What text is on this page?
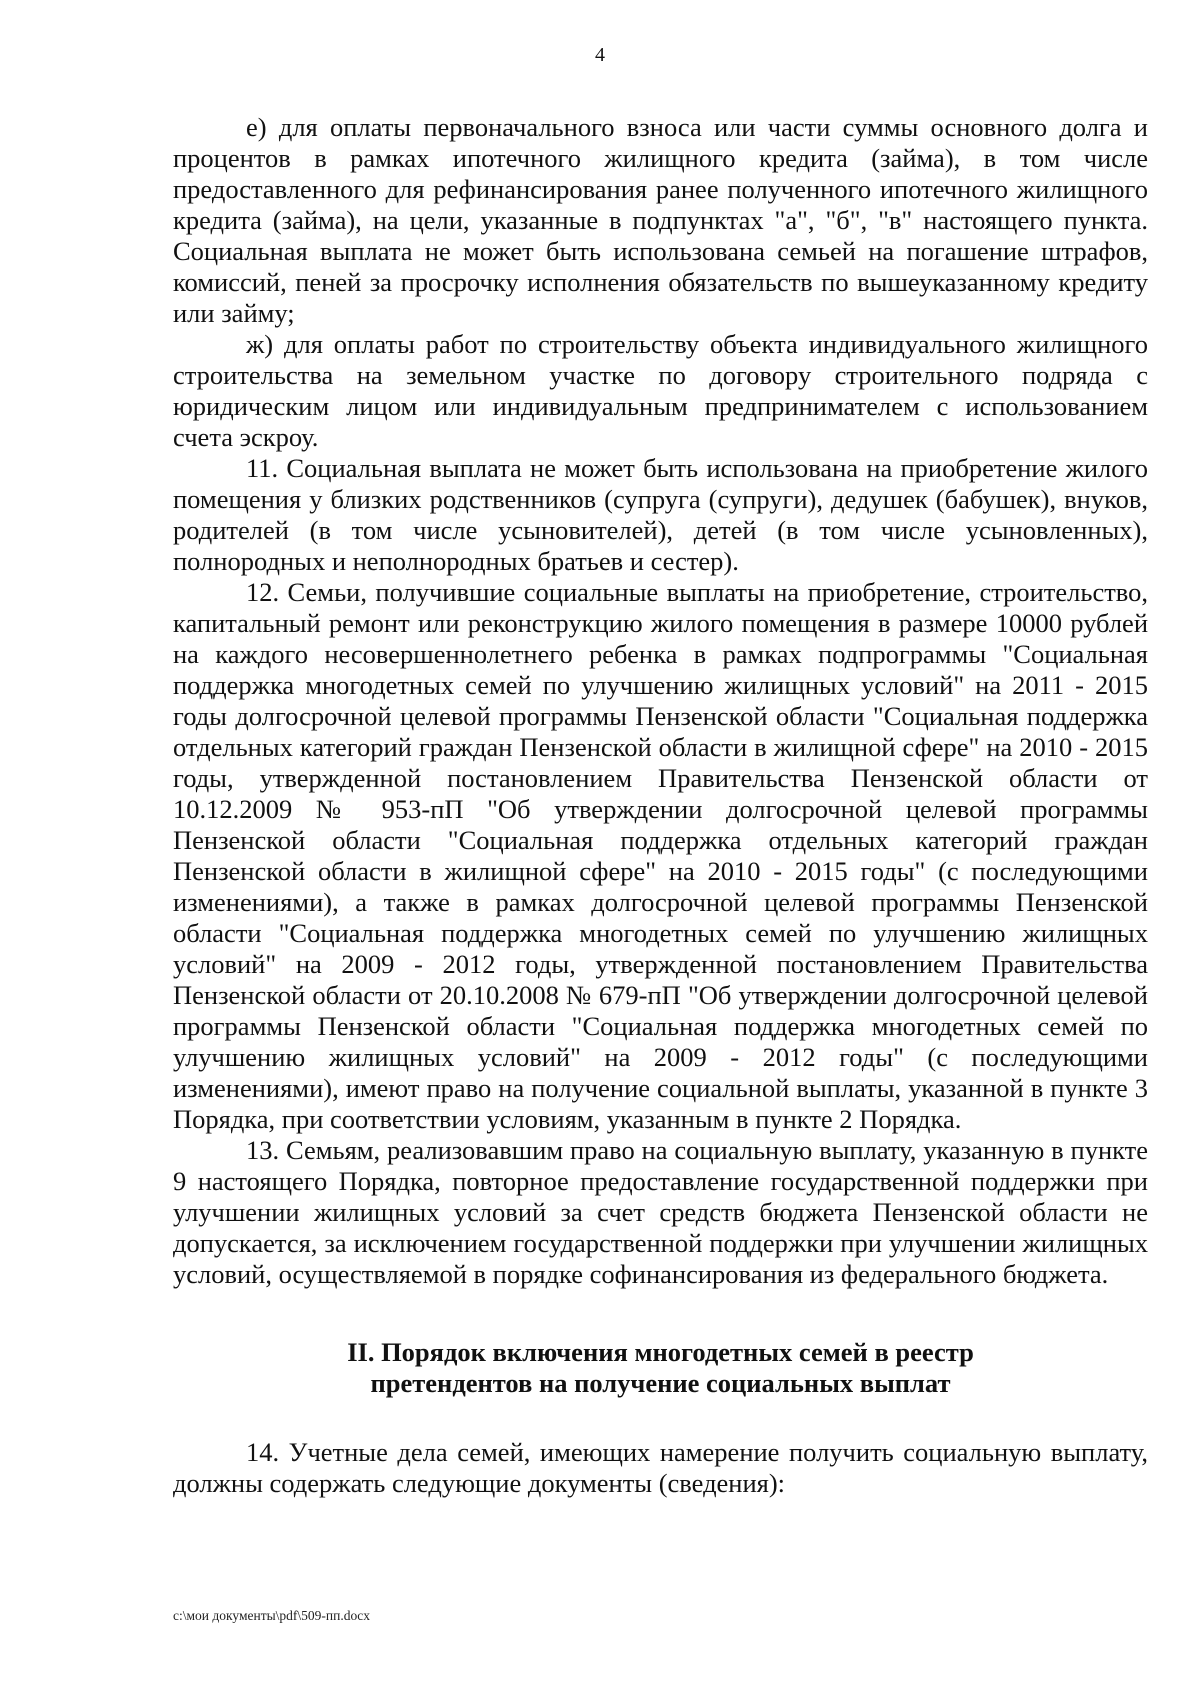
4

е) для оплаты первоначального взноса или части суммы основного долга и процентов в рамках ипотечного жилищного кредита (займа), в том числе предоставленного для рефинансирования ранее полученного ипотечного жилищного кредита (займа), на цели, указанные в подпунктах "а", "б", "в" настоящего пункта. Социальная выплата не может быть использована семьей на погашение штрафов, комиссий, пеней за просрочку исполнения обязательств по вышеуказанному кредиту или займу;

ж) для оплаты работ по строительству объекта индивидуального жилищного строительства на земельном участке по договору строительного подряда с юридическим лицом или индивидуальным предпринимателем с использованием счета эскроу.

11. Социальная выплата не может быть использована на приобретение жилого помещения у близких родственников (супруга (супруги), дедушек (бабушек), внуков, родителей (в том числе усыновителей), детей (в том числе усыновленных), полнородных и неполнородных братьев и сестер).

12. Семьи, получившие социальные выплаты на приобретение, строительство, капитальный ремонт или реконструкцию жилого помещения в размере 10000 рублей на каждого несовершеннолетнего ребенка в рамках подпрограммы "Социальная поддержка многодетных семей по улучшению жилищных условий" на 2011 - 2015 годы долгосрочной целевой программы Пензенской области "Социальная поддержка отдельных категорий граждан Пензенской области в жилищной сфере" на 2010 - 2015 годы, утвержденной постановлением Правительства Пензенской области от 10.12.2009 № 953-пП "Об утверждении долгосрочной целевой программы Пензенской области "Социальная поддержка отдельных категорий граждан Пензенской области в жилищной сфере" на 2010 - 2015 годы" (с последующими изменениями), а также в рамках долгосрочной целевой программы Пензенской области "Социальная поддержка многодетных семей по улучшению жилищных условий" на 2009 - 2012 годы, утвержденной постановлением Правительства Пензенской области от 20.10.2008 № 679-пП "Об утверждении долгосрочной целевой программы Пензенской области "Социальная поддержка многодетных семей по улучшению жилищных условий" на 2009 - 2012 годы" (с последующими изменениями), имеют право на получение социальной выплаты, указанной в пункте 3 Порядка, при соответствии условиям, указанным в пункте 2 Порядка.

13. Семьям, реализовавшим право на социальную выплату, указанную в пункте 9 настоящего Порядка, повторное предоставление государственной поддержки при улучшении жилищных условий за счет средств бюджета Пензенской области не допускается, за исключением государственной поддержки при улучшении жилищных условий, осуществляемой в порядке софинансирования из федерального бюджета.

II. Порядок включения многодетных семей в реестр
претендентов на получение социальных выплат

14. Учетные дела семей, имеющих намерение получить социальную выплату, должны содержать следующие документы (сведения):

c:\мои документы\pdf\509-пп.docx
